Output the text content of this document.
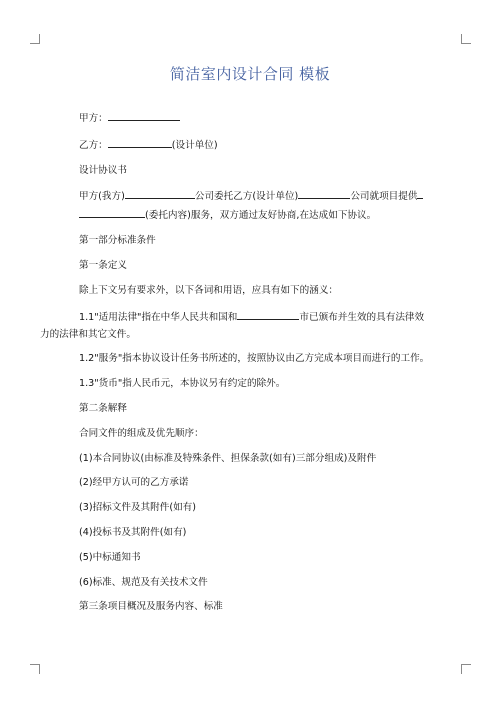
简洁室内设计合同 模板
甲方：
乙方：	(设计单位)
设计协议书
甲方(我方)	公司委托乙方(设计单位)	公司就项目提供
(委托内容)服务，双方通过友好协商,在达成如下协议。
第一部分标准条件
第一条定义
除上下文另有要求外，以下各词和用语，应具有如下的涵义：
1.1"适用法律"指在中华人民共和国和	市已颁布并生效的具有法律效
力的法律和其它文件。
1.2"服务"指本协议设计任务书所述的，按照协议由乙方完成本项目而进行的工作。
1.3"货币"指人民币元，本协议另有约定的除外。
第二条解释
合同文件的组成及优先顺序：
(1)本合同协议(由标准及特殊条件、担保条款(如有)三部分组成)及附件
(2)经甲方认可的乙方承诺
(3)招标文件及其附件(如有)
(4)投标书及其附件(如有)
(5)中标通知书
(6)标准、规范及有关技术文件
第三条项目概况及服务内容、标准
